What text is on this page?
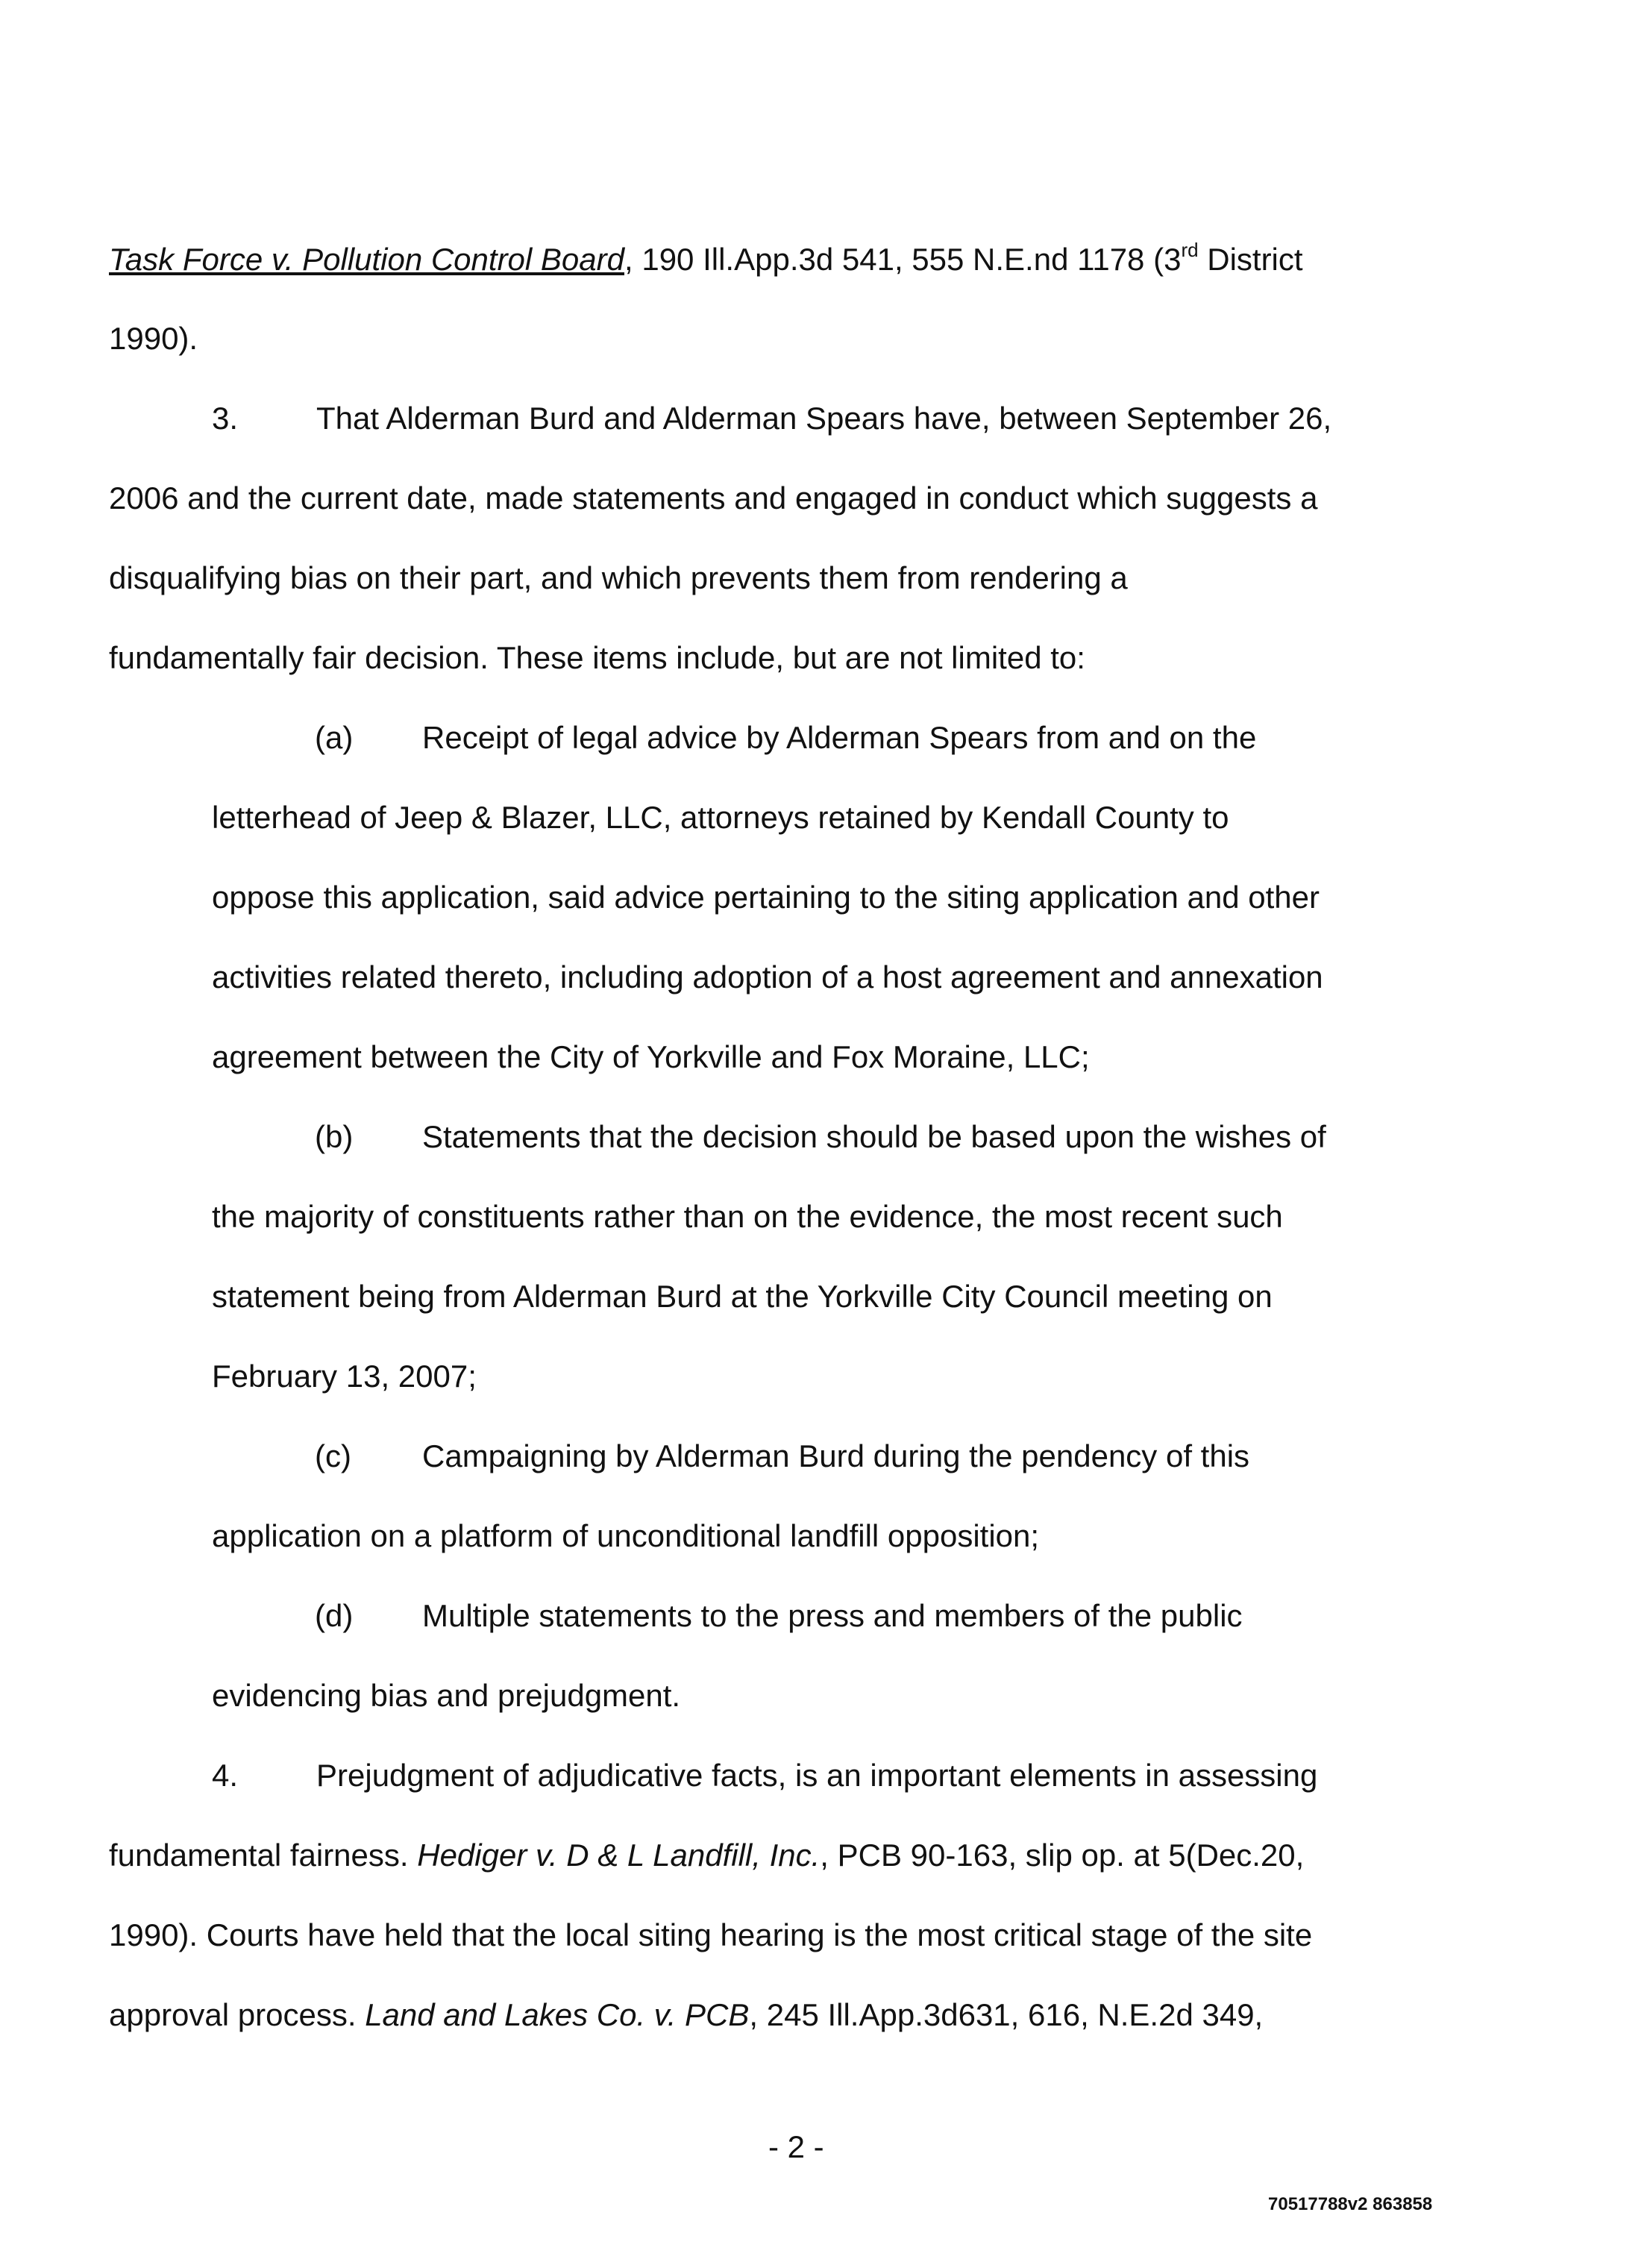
Task Force v. Pollution Control Board, 190 Ill.App.3d 541, 555 N.E.nd 1178 (3rd District
1990).
3. That Alderman Burd and Alderman Spears have, between September 26,
2006 and the current date, made statements and engaged in conduct which suggests a
disqualifying bias on their part, and which prevents them from rendering a
fundamentally fair decision. These items include, but are not limited to:
(a) Receipt of legal advice by Alderman Spears from and on the
letterhead of Jeep & Blazer, LLC, attorneys retained by Kendall County to
oppose this application, said advice pertaining to the siting application and other
activities related thereto, including adoption of a host agreement and annexation
agreement between the City of Yorkville and Fox Moraine, LLC;
(b) Statements that the decision should be based upon the wishes of
the majority of constituents rather than on the evidence, the most recent such
statement being from Alderman Burd at the Yorkville City Council meeting on
February 13, 2007;
(c) Campaigning by Alderman Burd during the pendency of this
application on a platform of unconditional landfill opposition;
(d) Multiple statements to the press and members of the public
evidencing bias and prejudgment.
4. Prejudgment of adjudicative facts, is an important elements in assessing
fundamental fairness. Hediger v. D & L Landfill, Inc., PCB 90-163, slip op. at 5(Dec.20,
1990). Courts have held that the local siting hearing is the most critical stage of the site
approval process. Land and Lakes Co. v. PCB, 245 Ill.App.3d631, 616, N.E.2d 349,
- 2 -
70517788v2 863858
